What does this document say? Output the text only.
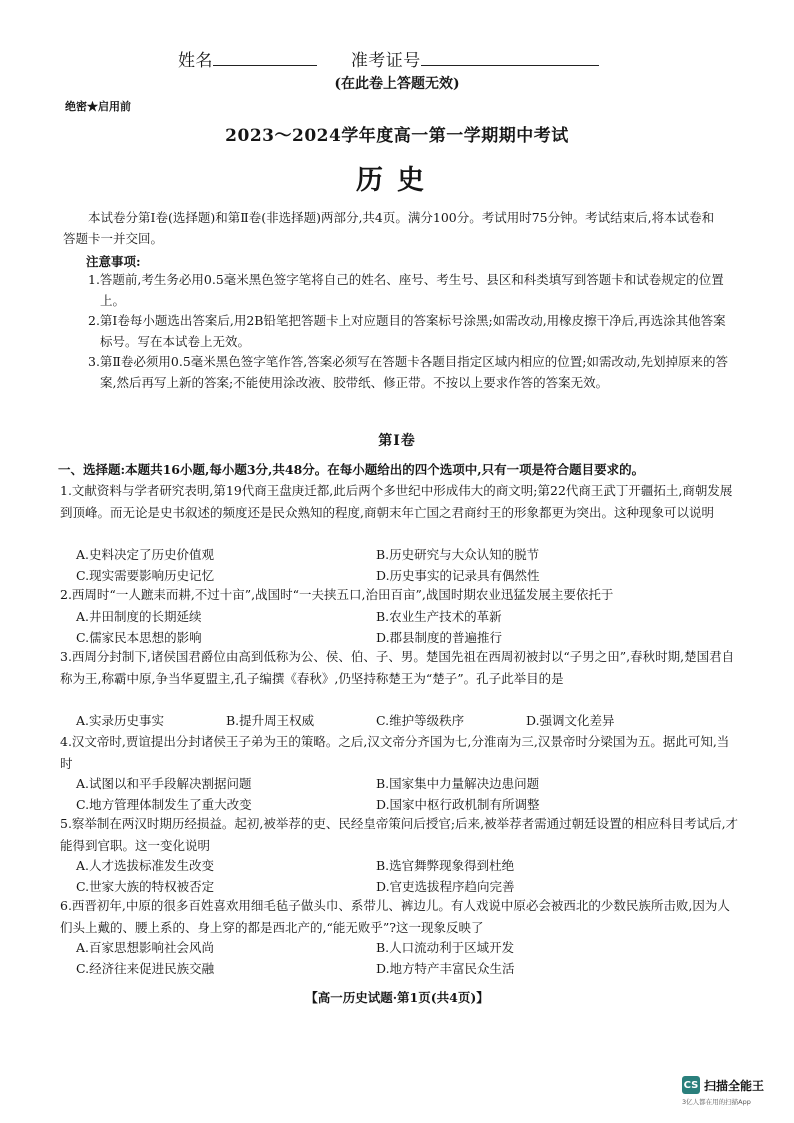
姓名	准考证号
(在此卷上答题无效)
绝密★启用前
2023～2024学年度高一第一学期期中考试
历史
本试卷分第Ⅰ卷(选择题)和第Ⅱ卷(非选择题)两部分,共4页。满分100分。考试用时75分钟。考试结束后,将本试卷和答题卡一并交回。
注意事项:
1.答题前,考生务必用0.5毫米黑色签字笔将自己的姓名、座号、考生号、县区和科类填写到答题卡和试卷规定的位置上。
2.第Ⅰ卷每小题选出答案后,用2B铅笔把答题卡上对应题目的答案标号涂黑;如需改动,用橡皮擦干净后,再选涂其他答案标号。写在本试卷上无效。
3.第Ⅱ卷必须用0.5毫米黑色签字笔作答,答案必须写在答题卡各题目指定区域内相应的位置;如需改动,先划掉原来的答案,然后再写上新的答案;不能使用涂改液、胶带纸、修正带。不按以上要求作答的答案无效。
第Ⅰ卷
一、选择题:本题共16小题,每小题3分,共48分。在每小题给出的四个选项中,只有一项是符合题目要求的。
1.文献资料与学者研究表明,第19代商王盘庚迁都,此后两个多世纪中形成伟大的商文明;第22代商王武丁开疆拓土,商朝发展到顶峰。而无论是史书叙述的频度还是民众熟知的程度,商朝末年亡国之君商纣王的形象都更为突出。这种现象可以说明
A.史料决定了历史价值观	B.历史研究与大众认知的脱节
C.现实需要影响历史记忆	D.历史事实的记录具有偶然性
2.西周时“一人蹠耒而耕,不过十亩”,战国时“一夫挟五口,治田百亩”,战国时期农业迅猛发展主要依托于
A.井田制度的长期延续	B.农业生产技术的革新
C.儒家民本思想的影响	D.郡县制度的普遍推行
3.西周分封制下,诸侯国君爵位由高到低称为公、侯、伯、子、男。楚国先祖在西周初被封以“子男之田”,春秋时期,楚国君自称为王,称霸中原,争当华夏盟主,孔子编撰《春秋》,仍坚持称楚王为“楚子”。孔子此举目的是
A.实录历史事实	B.提升周王权威	C.维护等级秩序	D.强调文化差异
4.汉文帝时,贾谊提出分封诸侯王子弟为王的策略。之后,汉文帝分齐国为七,分淮南为三,汉景帝时分梁国为五。据此可知,当时
A.试图以和平手段解决割据问题	B.国家集中力量解决边患问题
C.地方管理体制发生了重大改变	D.国家中枢行政机制有所调整
5.察举制在两汉时期历经损益。起初,被举荐的吏、民经皇帝策问后授官;后来,被举荐者需通过朝廷设置的相应科目考试后,才能得到官职。这一变化说明
A.人才选拔标准发生改变	B.选官舞弊现象得到杜绝
C.世家大族的特权被否定	D.官吏选拔程序趋向完善
6.西晋初年,中原的很多百姓喜欢用细毛毡子做头巾、系带儿、裤边儿。有人戏说中原必会被西北的少数民族所击败,因为人们头上戴的、腰上系的、身上穿的都是西北产的,“能无败乎”?这一现象反映了
A.百家思想影响社会风尚	B.人口流动利于区域开发
C.经济往来促进民族交融	D.地方特产丰富民众生活
【高一历史试题·第1页(共4页)】
CS 扫描全能王
3亿人都在用的扫描App
